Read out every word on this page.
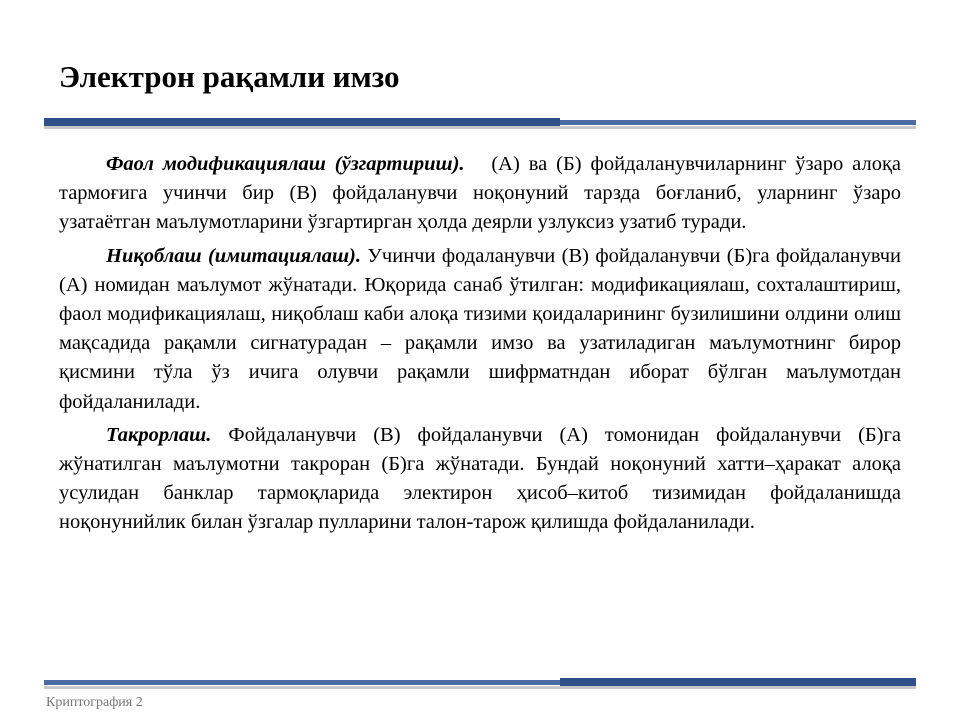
Электрон рақамли имзо

Фаол модификациялаш (ўзгартириш).   (А) ва (Б) фойдаланувчиларнинг ўзаро алоқа тармоғига учинчи бир (В) фойдаланувчи ноқонуний тарзда боғланиб, уларнинг ўзаро узатаётган маълумотларини ўзгартирган ҳолда деярли узлуксиз узатиб туради.

Ниқоблаш (имитациялаш). Учинчи фодаланувчи (В) фойдаланувчи (Б)га фойдаланувчи (А) номидан маълумот жўнатади. Юқорида санаб ўтилган: модификациялаш, сохталаштириш, фаол модификациялаш, ниқоблаш каби алоқа тизими қоидаларининг бузилишини олдини олиш мақсадида рақамли сигнатурадан – рақамли имзо ва узатиладиган маълумотнинг бирор қисмини тўла ўз ичига олувчи рақамли шифрматндан иборат бўлган маълумотдан фойдаланилади.

Такрорлаш. Фойдаланувчи (В) фойдаланувчи (А) томонидан фойдаланувчи (Б)га жўнатилган маълумотни такроран (Б)га жўнатади. Бундай ноқонуний хатти–ҳаракат алоқа усулидан банклар тармоқларида электирон ҳисоб–китоб тизимидан фойдаланишда ноқонунийлик билан ўзгалар пулларини талон-тарож қилишда фойдаланилади.

Криптография 2
